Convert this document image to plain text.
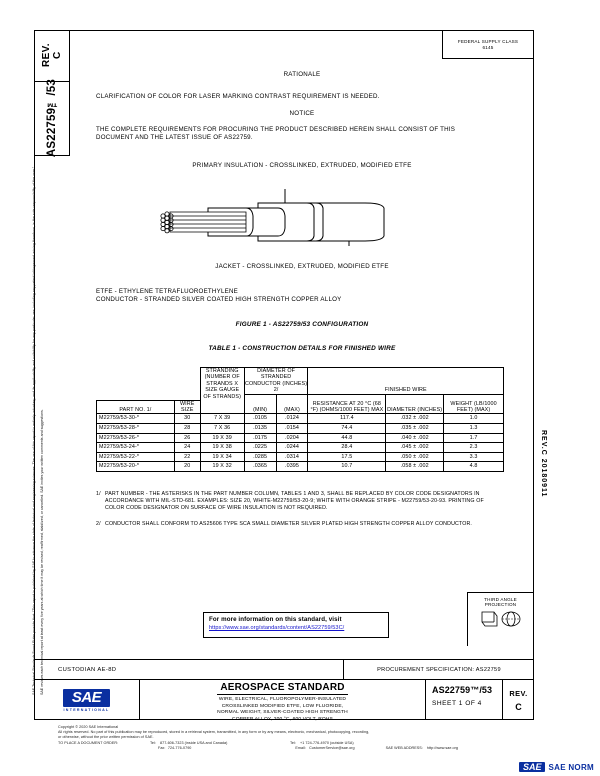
REV.
C
AS22759™/53
SAE Technical Standards Board Rules provide that: “This report is published by SAE to advance the state of technical and engineering sciences. The use of this report is entirely voluntary, and its applicability and suitability for any particular use, including any patent infringement arising therefrom, is the sole responsibility of the user.”	SAE reviews each technical report at least every five years at which time it may be revised, reaffirmed, stabilized, or cancelled. SAE invites your written comments and suggestions.	REV.C 20180911
FEDERAL SUPPLY CLASS
6145
RATIONALE
CLARIFICATION OF COLOR FOR LASER MARKING CONTRAST REQUIREMENT IS NEEDED.
NOTICE
THE COMPLETE REQUIREMENTS FOR PROCURING THE PRODUCT DESCRIBED HEREIN SHALL CONSIST OF THIS
DOCUMENT AND THE LATEST ISSUE OF AS22759.
PRIMARY INSULATION - CROSSLINKED, EXTRUDED, MODIFIED ETFE
JACKET - CROSSLINKED, EXTRUDED, MODIFIED ETFE
ETFE - ETHYLENE TETRAFLUOROETHYLENE
CONDUCTOR - STRANDED SILVER COATED HIGH STRENGTH COPPER ALLOY
FIGURE 1 - AS22759/53 CONFIGURATION
TABLE 1 - CONSTRUCTION DETAILS FOR FINISHED WIRE
		STRANDING (NUMBER OF STRANDS X SIZE GAUGE OF STRANDS)	DIAMETER OF STRANDED CONDUCTOR (INCHES) 2/		FINISHED WIRE		
					RESISTANCE AT 20 °C (68 °F) (OHMS/1000 FEET) MAX	DIAMETER (INCHES)	WEIGHT (LB/1000 FEET) (MAX)
PART NO. 1/	WIRE SIZE		(MIN)	(MAX)			
M22759/53-30-*	30	7 X 39	.0105	.0124	117.4	.032 ± .002	1.0
M22759/53-28-*	28	7 X 36	.0135	.0154	74.4	.035 ± .002	1.3
M22759/53-26-*	26	19 X 39	.0175	.0204	44.8	.040 ± .002	1.7
M22759/53-24-*	24	19 X 38	.0225	.0244	28.4	.045 ± .002	2.3
M22759/53-22-*	22	19 X 34	.0285	.0314	17.5	.050 ± .002	3.3
M22759/53-20-*	20	19 X 32	.0365	.0395	10.7	.058 ± .002	4.8
1/ PART NUMBER - THE ASTERISKS IN THE PART NUMBER COLUMN, TABLES 1 AND 3, SHALL BE REPLACED BY COLOR CODE DESIGNATORS IN ACCORDANCE WITH MIL-STD-681. EXAMPLES: SIZE 20, WHITE-M22759/53-20-9; WHITE WITH ORANGE STRIPE - M22759/53-20-93. PRINTING OF COLOR CODE DESIGNATOR ON SURFACE OF WIRE INSULATION IS NOT REQUIRED.
2/ CONDUCTOR SHALL CONFORM TO AS25606 TYPE SCA SMALL DIAMETER SILVER PLATED HIGH STRENGTH COPPER ALLOY CONDUCTOR.
For more information on this standard, visit
https://www.sae.org/standards/content/AS22759/53C/
THIRD ANGLE PROJECTION
CUSTODIAN AE-8D	PROCUREMENT SPECIFICATION: AS22759
SAE
INTERNATIONAL
AEROSPACE STANDARD
WIRE, ELECTRICAL, FLUOROPOLYMER-INSULATED
CROSSLINKED MODIFIED ETFE, LOW FLUORIDE,
NORMAL WEIGHT, SILVER-COATED HIGH STRENGTH
COPPER ALLOY, 200 °C, 600 VOLT, ROHS
AS22759™/53
SHEET 1 OF 4
REV.
C
Copyright © 2020 SAE International
All rights reserved. No part of this publication may be reproduced, stored in a retrieval system, transmitted, in any form or by any means, electronic, mechanical, photocopying, recording,
or otherwise, without the prior written permission of SAE.
TO PLACE A DOCUMENT ORDER:	Tel:	877-606-7323 (inside USA and Canada)	Tel:	+1 724-776-4970 (outside USA)
Fax: 724-776-0790	Email: CustomerService@sae.org	SAE WEB ADDRESS:	http://www.sae.org
SAE SAE NORM
